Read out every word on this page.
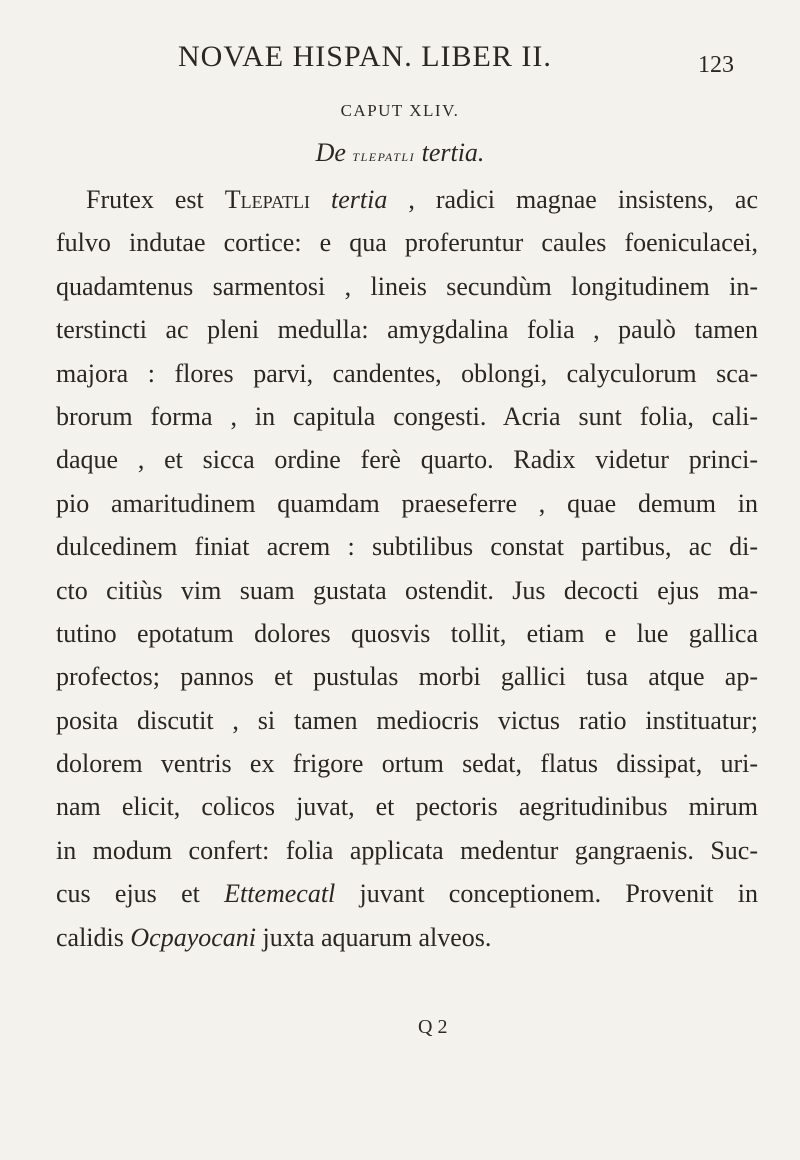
NOVAE HISPAN. LIBER II.	123
CAPUT XLIV.
De tlepatli tertia.
Frutex est Tlepatli tertia , radici magnae insistens, ac
fulvo indutae cortice: e qua proferuntur caules foeniculacei,
quadamtenus sarmentosi , lineis secundùm longitudinem in-
terstincti ac pleni medulla: amygdalina folia , paulò tamen
majora : flores parvi, candentes, oblongi, calyculorum sca-
brorum forma , in capitula congesti. Acria sunt folia, cali-
daque , et sicca ordine ferè quarto. Radix videtur princi-
pio amaritudinem quamdam praeseferre , quae demum in
dulcedinem finiat acrem : subtilibus constat partibus, ac di-
cto citiùs vim suam gustata ostendit. Jus decocti ejus ma-
tutino epotatum dolores quosvis tollit, etiam e lue gallica
profectos; pannos et pustulas morbi gallici tusa atque ap-
posita discutit , si tamen mediocris victus ratio instituatur;
dolorem ventris ex frigore ortum sedat, flatus dissipat, uri-
nam elicit, colicos juvat, et pectoris aegritudinibus mirum
in modum confert: folia applicata medentur gangraenis. Suc-
cus ejus et Ettemecatl juvant conceptionem. Provenit in
calidis Ocpayocani juxta aquarum alveos.
Q 2
